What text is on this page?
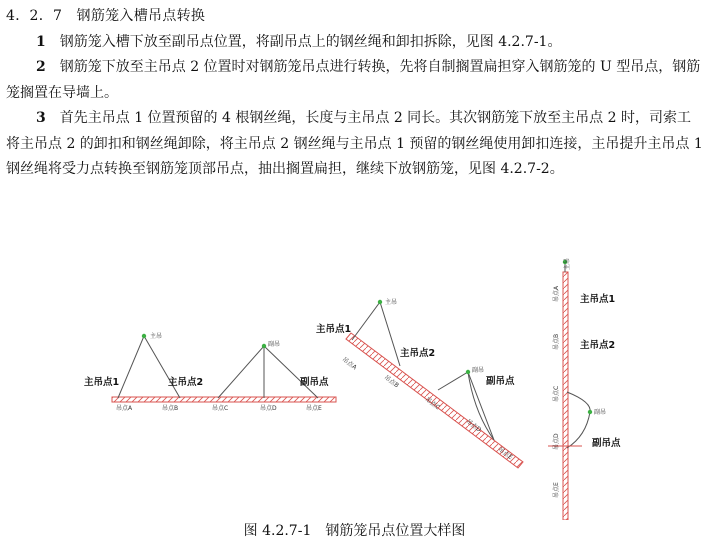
4．2．7　钢筋笼入槽吊点转换
1 钢筋笼入槽下放至副吊点位置，将副吊点上的钢丝绳和卸扣拆除，见图 4.2.7-1。
2 钢筋笼下放至主吊点 2 位置时对钢筋笼吊点进行转换，先将自制搁置扁担穿入钢筋笼的 U 型吊点，钢筋笼搁置在导墙上。
3 首先主吊点 1 位置预留的 4 根钢丝绳，长度与主吊点 2 同长。其次钢筋笼下放至主吊点 2 时，司索工将主吊点 2 的卸扣和钢丝绳卸除，将主吊点 2 钢丝绳与主吊点 1 预留的钢丝绳使用卸扣连接，主吊提升主吊点 1 钢丝绳将受力点转换至钢筋笼顶部吊点，抽出搁置扁担，继续下放钢筋笼，见图 4.2.7-2。
主吊
副吊
主吊点1	主吊点2	副吊点
吊点A	吊点B	吊点C	吊点D	吊点E
主吊
副吊
主吊点1
主吊点2
副吊点
吊点A
吊点B
吊点C
吊点D
吊点E
主吊
副吊
主吊点1
主吊点2
副吊点
吊点A
吊点B
吊点C
吊点D
吊点E
图 4.2.7-1　钢筋笼吊点位置大样图
